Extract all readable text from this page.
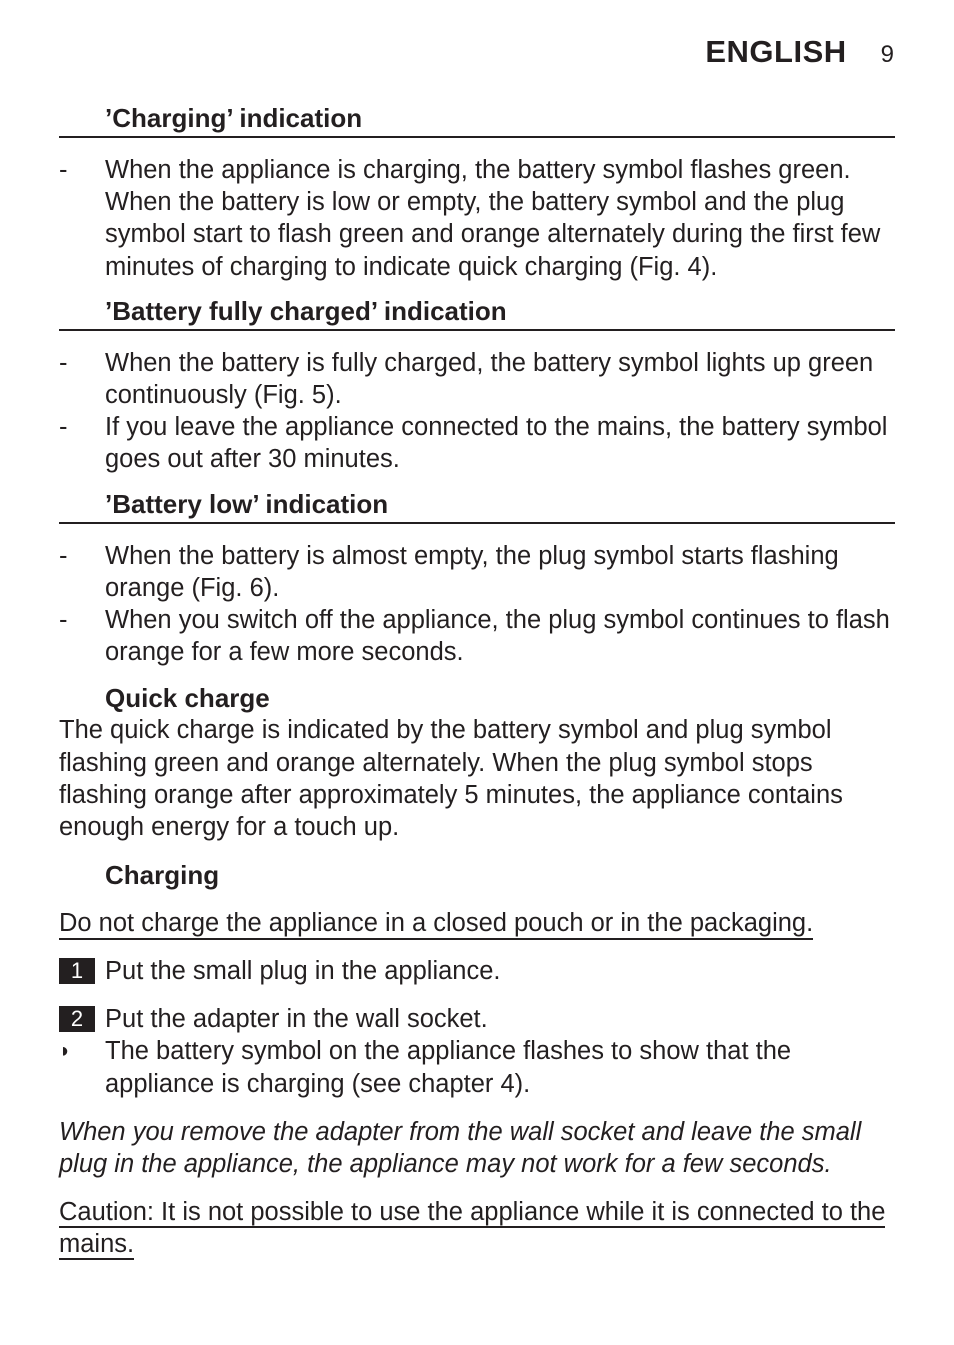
ENGLISH 9
’Charging’ indication
-	When the appliance is charging, the battery symbol flashes green. When the battery is low or empty, the battery symbol and the plug symbol start to flash green and orange alternately during the first few minutes of charging to indicate quick charging (Fig. 4).
’Battery fully charged’ indication
-	When the battery is fully charged, the battery symbol lights up green continuously (Fig. 5).
-	If you leave the appliance connected to the mains, the battery symbol goes out after 30 minutes.
’Battery low’ indication
-	When the battery is almost empty, the plug symbol starts flashing orange (Fig. 6).
-	When you switch off the appliance, the plug symbol continues to flash orange for a few more seconds.
Quick charge

The quick charge is indicated by the battery symbol and plug symbol flashing green and orange alternately. When the plug symbol stops flashing orange after approximately 5 minutes, the appliance contains enough energy for a touch up.

Charging
Do not charge the appliance in a closed pouch or in the packaging.
1 Put the small plug in the appliance.
2 Put the adapter in the wall socket.
◗	The battery symbol on the appliance flashes to show that the appliance is charging (see chapter 4).
When you remove the adapter from the wall socket and leave the small plug in the appliance, the appliance may not work for a few seconds.
Caution: It is not possible to use the appliance while it is connected to the mains.
